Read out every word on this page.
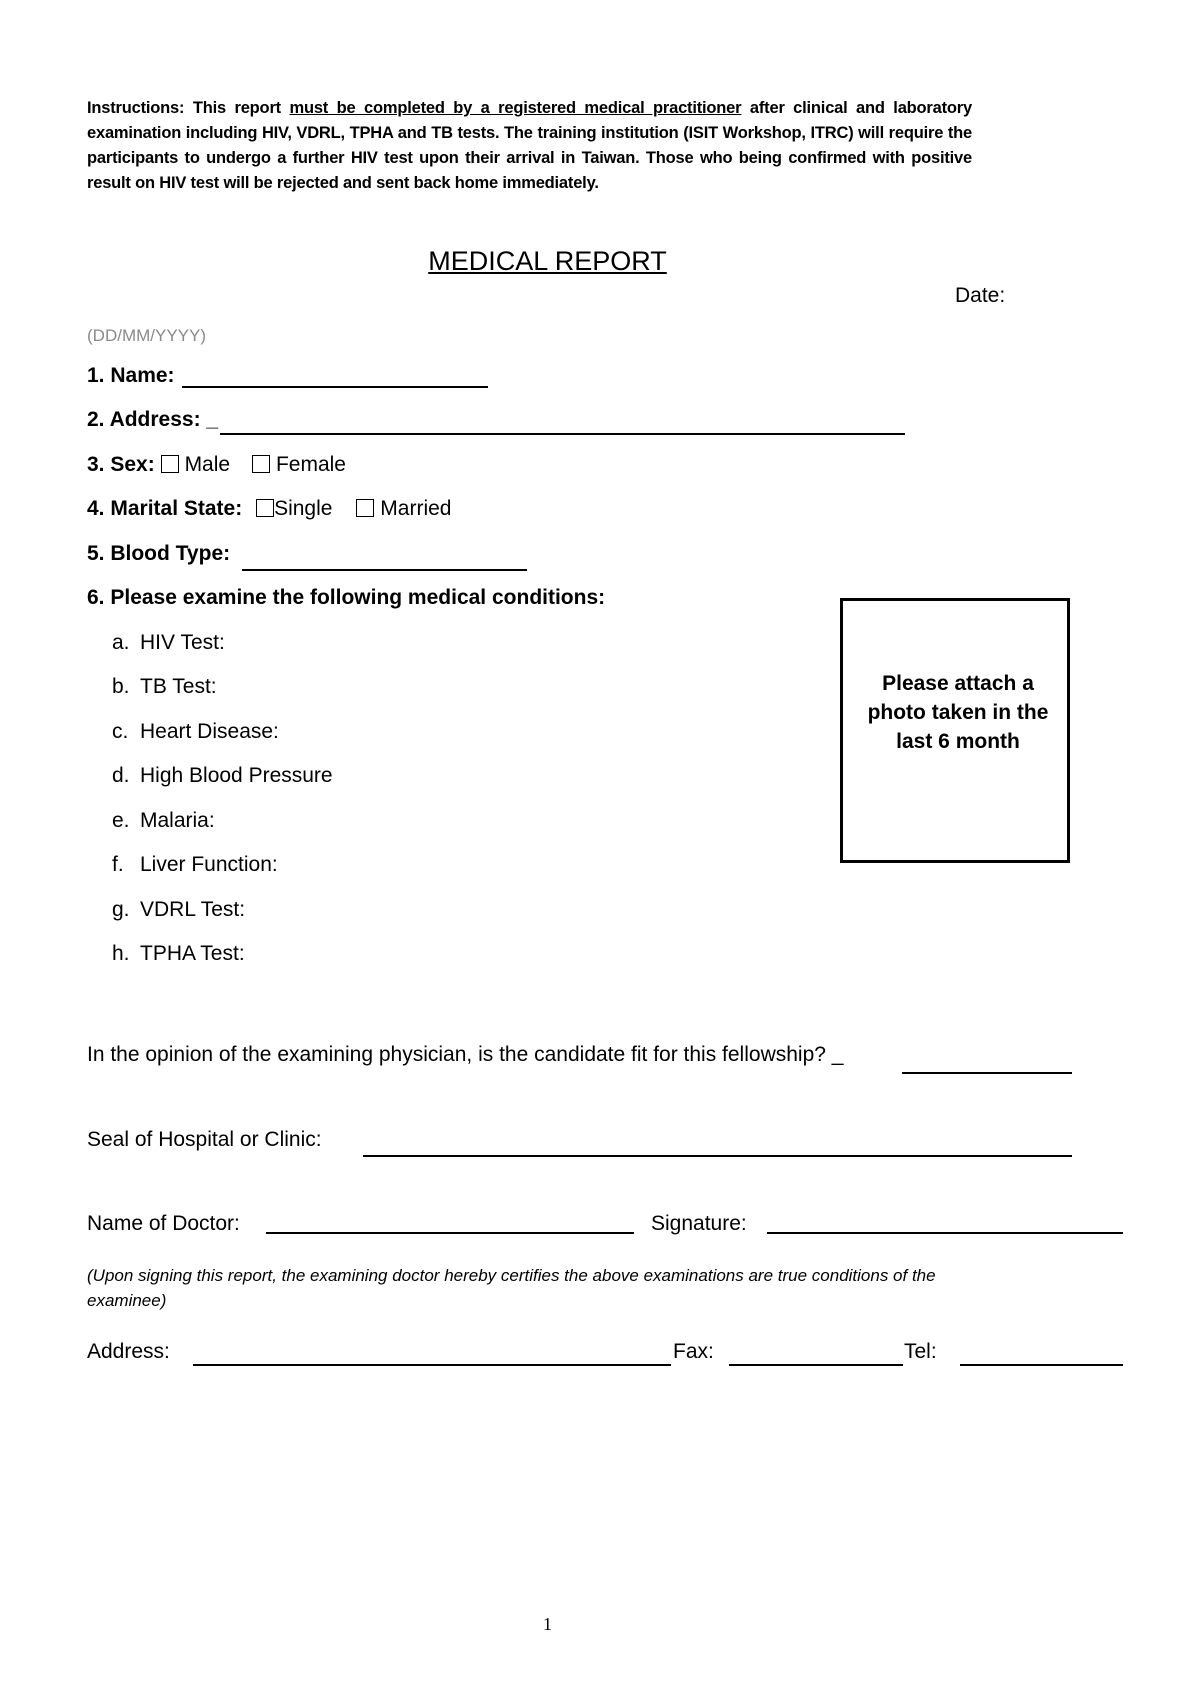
Instructions: This report must be completed by a registered medical practitioner after clinical and laboratory examination including HIV, VDRL, TPHA and TB tests. The training institution (ISIT Workshop, ITRC) will require the participants to undergo a further HIV test upon their arrival in Taiwan. Those who being confirmed with positive result on HIV test will be rejected and sent back home immediately.
MEDICAL REPORT
Date:
(DD/MM/YYYY)
1. Name:
2. Address: _
3. Sex: Male Female
4. Marital State: Single Married
5. Blood Type:
6. Please examine the following medical conditions:
a. HIV Test:
b. TB Test:
c. Heart Disease:
d. High Blood Pressure
e. Malaria:
f. Liver Function:
g. VDRL Test:
h. TPHA Test:
Please attach a photo taken in the last 6 month
In the opinion of the examining physician, is the candidate fit for this fellowship? _
Seal of Hospital or Clinic:
Name of Doctor:	Signature:
(Upon signing this report, the examining doctor hereby certifies the above examinations are true conditions of the examinee)
Address:	Fax:	Tel:
1
